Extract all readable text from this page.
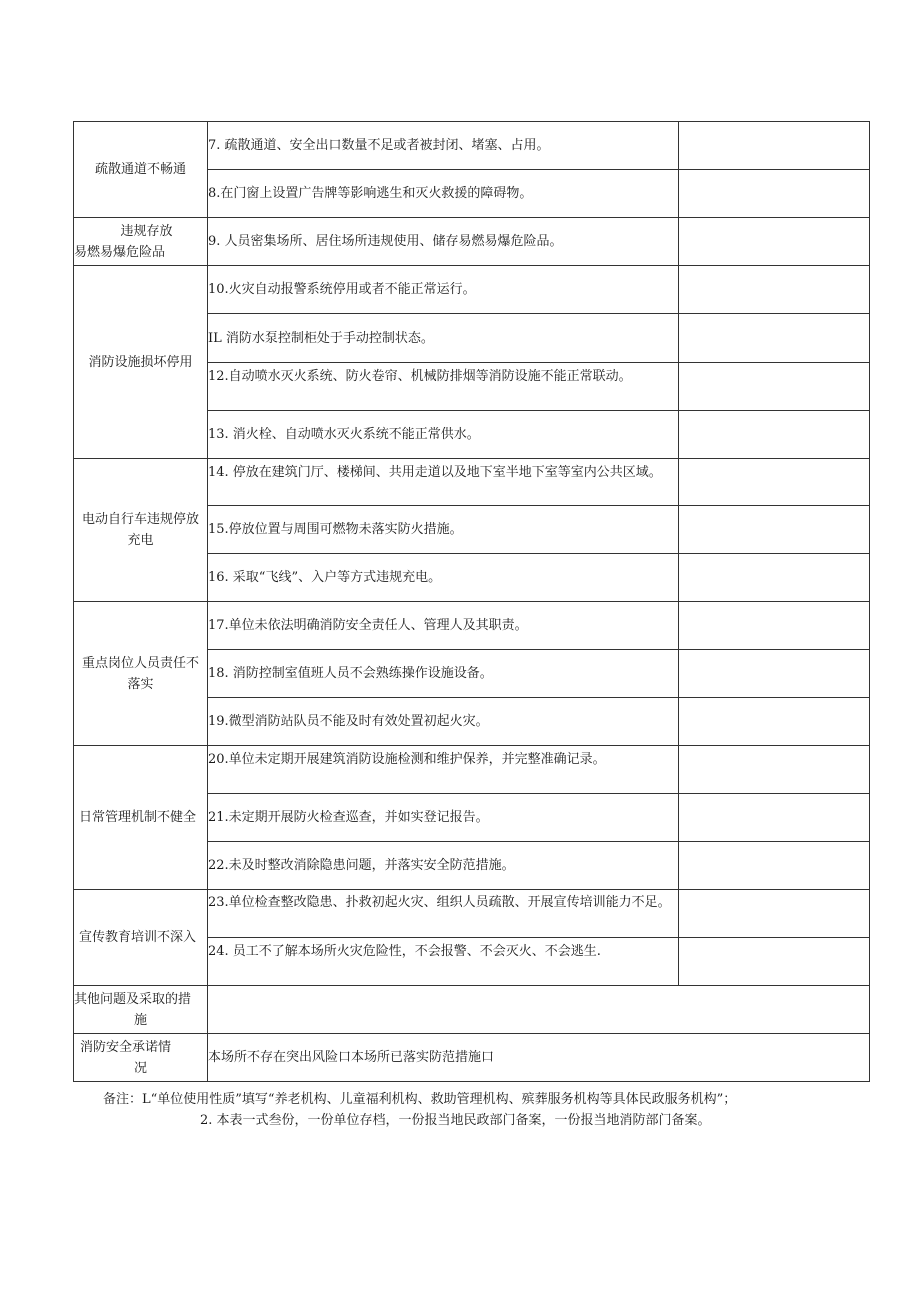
疏散通道不畅通	7. 疏散通道、安全出口数量不足或者被封闭、堵塞、占用。	
	8.在门窗上设置广告牌等影响逃生和灭火救援的障碍物。	

违规存放
易燃易爆危险品	9. 人员密集场所、居住场所违规使用、储存易燃易爆危险品。	
消防设施损坏停用	10.火灾自动报警系统停用或者不能正常运行。	
	IL 消防水泵控制柜处于手动控制状态。	
	12.自动喷水灭火系统、防火卷帘、机械防排烟等消防设施不能正常联动。	
	13. 消火栓、自动喷水灭火系统不能正常供水。	

电动自行车违规停放
充电	14. 停放在建筑门厅、楼梯间、共用走道以及地下室半地下室等室内公共区域。	
	15.停放位置与周围可燃物未落实防火措施。	
	16. 采取“飞线”、入户等方式违规充电。	

重点岗位人员责任不
落实	17.单位未依法明确消防安全责任人、管理人及其职责。	
	18. 消防控制室值班人员不会熟练操作设施设备。	
	19.微型消防站队员不能及时有效处置初起火灾。	
日常管理机制不健全	20.单位未定期开展建筑消防设施检测和维护保养，并完整准确记录。	
	21.未定期开展防火检查巡查，并如实登记报告。	
	22.未及时整改消除隐患问题，并落实安全防范措施。	
宣传教育培训不深入	23.单位检查整改隐患、扑救初起火灾、组织人员疏散、开展宣传培训能力不足。	
	24. 员工不了解本场所火灾危险性，不会报警、不会灭火、不会逃生.	

其他问题及采取的措
施		

消防安全承诺情
况	本场所不存在突出风险口本场所已落实防范措施口	
备注：L“单位使用性质”填写“养老机构、儿童福利机构、救助管理机构、殡葬服务机构等具体民政服务机构”；
2. 本表一式叁份，一份单位存档，一份报当地民政部门备案，一份报当地消防部门备案。
